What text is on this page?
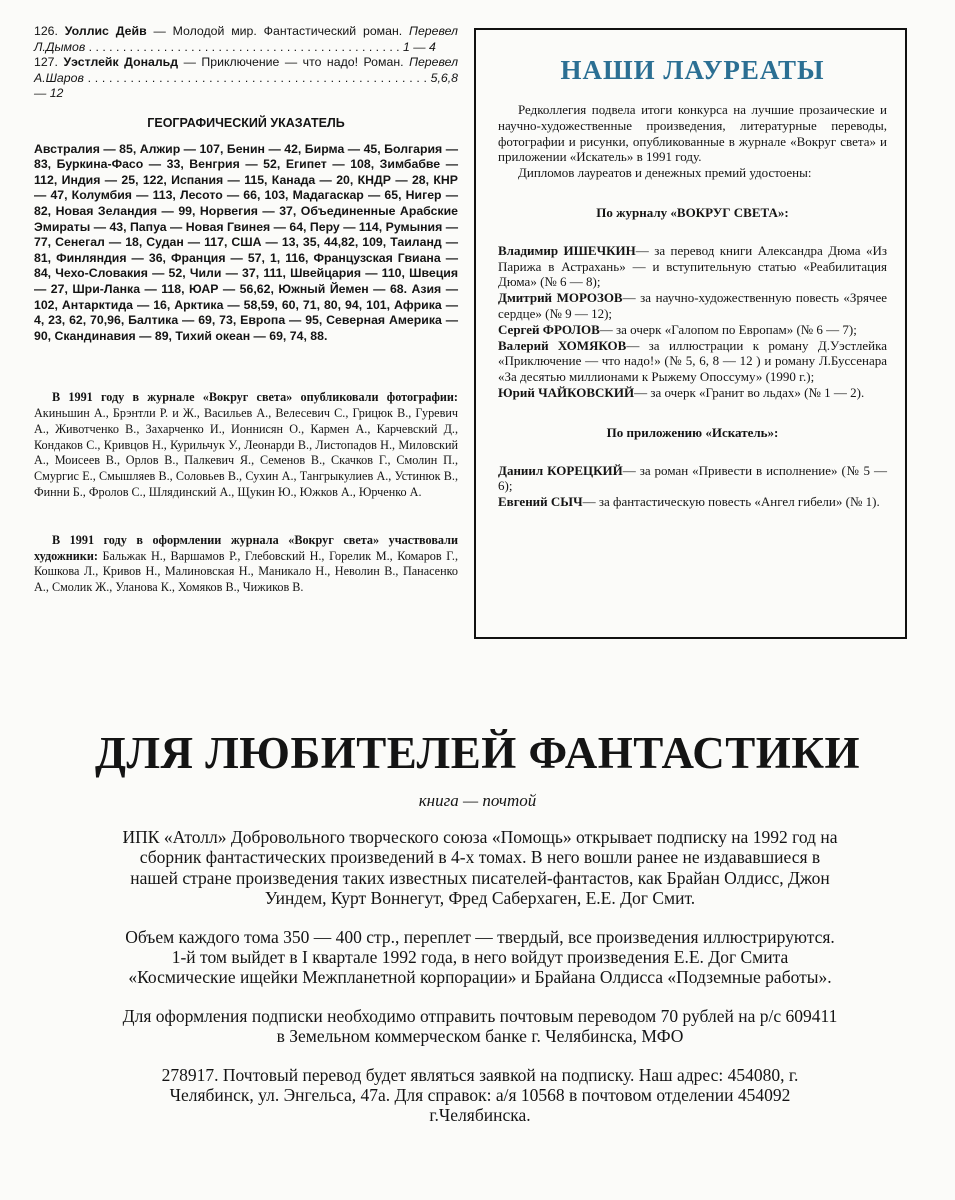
126. Уоллис Дейв — Молодой мир. Фантастический роман. Перевел Л.Дымов . . . . . . . . . . . . . . . . . . . . . . . . . . . . . . . . . . . . . . . . . . . . . . 1 — 4

127. Уэстлейк Дональд — Приключение — что надо! Роман. Перевел А.Шаров . . . . . . . . . . . . . . . . . . . . . . . . . . . . . . . . . . . . . . . . . . . . . . . . 5,6,8 — 12

ГЕОГРАФИЧЕСКИЙ УКАЗАТЕЛЬ

Австралия — 85, Алжир — 107, Бенин — 42, Бирма — 45, Болгария — 83, Буркина-Фасо — 33, Венгрия — 52, Египет — 108, Зимбабве — 112, Индия — 25, 122, Испания — 115, Канада — 20, КНДР — 28, КНР — 47, Колумбия — 113, Лесото — 66, 103, Мадагаскар — 65, Нигер — 82, Новая Зеландия — 99, Норвегия — 37, Объединенные Арабские Эмираты — 43, Папуа — Новая Гвинея — 64, Перу — 114, Румыния — 77, Сенегал — 18, Судан — 117, США — 13, 35, 44,82, 109, Таиланд — 81, Финляндия — 36, Франция — 57, 1, 116, Французская Гвиана — 84, Чехо-Словакия — 52, Чили — 37, 111, Швейцария — 110, Швеция — 27, Шри-Ланка — 118, ЮАР — 56,62, Южный Йемен — 68. Азия — 102, Антарктида — 16, Арктика — 58,59, 60, 71, 80, 94, 101, Африка — 4, 23, 62, 70,96, Балтика — 69, 73, Европа — 95, Северная Америка — 90, Скандинавия — 89, Тихий океан — 69, 74, 88.

В 1991 году в журнале «Вокруг света» опубликовали фотографии: Акиньшин А., Брэнтли Р. и Ж., Васильев А., Велесевич С., Грицюк В., Гуревич А., Животченко В., Захарченко И., Ионнисян О., Кармен А., Карчевский Д., Кондаков С., Кривцов Н., Курильчук У., Леонарди В., Листопадов Н., Миловский А., Моисеев В., Орлов В., Палкевич Я., Семенов В., Скачков Г., Смолин П., Смургис Е., Смышляев В., Соловьев В., Сухин А., Тангрыкулиев А., Устинюк В., Финни Б., Фролов С., Шлядинский А., Щукин Ю., Южков А., Юрченко А.

В 1991 году в оформлении журнала «Вокруг света» участвовали художники: Бальжак Н., Варшамов Р., Глебовский Н., Горелик М., Комаров Г., Кошкова Л., Кривов Н., Малиновская Н., Маникало Н., Неволин В., Панасенко А., Смолик Ж., Уланова К., Хомяков В., Чижиков В.

НАШИ ЛАУРЕАТЫ

Редколлегия подвела итоги конкурса на лучшие прозаические и научно-художественные произведения, литературные переводы, фотографии и рисунки, опубликованные в журнале «Вокруг света» и приложении «Искатель» в 1991 году.

Дипломов лауреатов и денежных премий удостоены:

По журналу «ВОКРУГ СВЕТА»:

Владимир ИШЕЧКИН— за перевод книги Александра Дюма «Из Парижа в Астрахань» — и вступительную статью «Реабилитация Дюма» (№ 6 — 8);

Дмитрий МОРОЗОВ— за научно-художественную повесть «Зрячее сердце» (№ 9 — 12);

Сергей ФРОЛОВ— за очерк «Галопом по Европам» (№ 6 — 7);

Валерий ХОМЯКОВ— за иллюстрации к роману Д.Уэстлейка «Приключение — что надо!» (№ 5, 6, 8 — 12 ) и роману Л.Буссенара «За десятью миллионами к Рыжему Опоссуму» (1990 г.);

Юрий ЧАЙКОВСКИЙ— за очерк «Гранит во льдах» (№ 1 — 2).

По приложению «Искатель»:

Даниил КОРЕЦКИЙ— за роман «Привести в исполнение» (№ 5 — 6);

Евгений СЫЧ— за фантастическую повесть «Ангел гибели» (№ 1).

ДЛЯ ЛЮБИТЕЛЕЙ ФАНТАСТИКИ
книга — почтой

ИПК «Атолл» Добровольного творческого союза «Помощь» открывает подписку на 1992 год на сборник фантастических произведений в 4-х томах. В него вошли ранее не издававшиеся в нашей стране произведения таких известных писателей-фантастов, как Брайан Олдисс, Джон Уиндем, Курт Воннегут, Фред Саберхаген, Е.Е. Дог Смит.

Объем каждого тома 350 — 400 стр., переплет — твердый, все произведения иллюстрируются. 1-й том выйдет в I квартале 1992 года, в него войдут произведения Е.Е. Дог Смита «Космические ищейки Межпланетной корпорации» и Брайана Олдисса «Подземные работы».

Для оформления подписки необходимо отправить почтовым переводом 70 рублей на р/с 609411 в Земельном коммерческом банке г. Челябинска, МФО

278917. Почтовый перевод будет являться заявкой на подписку. Наш адрес: 454080, г. Челябинск, ул. Энгельса, 47а. Для справок: а/я 10568 в почтовом отделении 454092 г.Челябинска.
